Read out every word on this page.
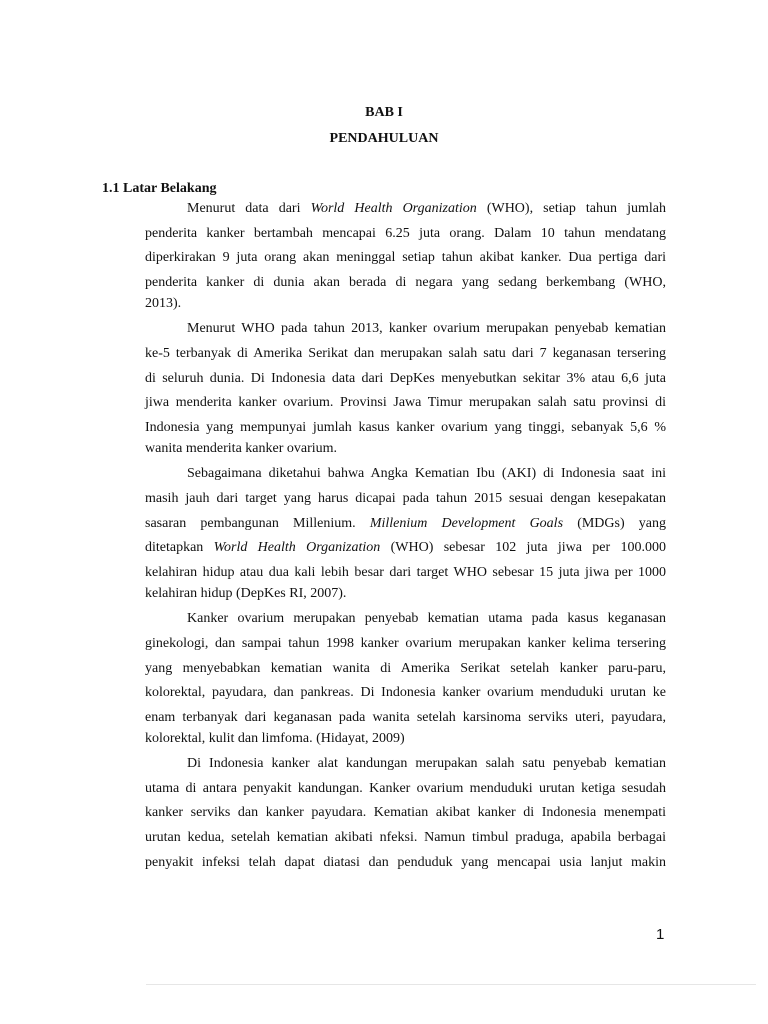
BAB I
PENDAHULUAN
1.1 Latar Belakang
Menurut data dari World Health Organization (WHO), setiap tahun jumlah
penderita kanker bertambah mencapai 6.25 juta orang. Dalam 10 tahun mendatang
diperkirakan 9 juta orang akan meninggal setiap tahun akibat kanker. Dua pertiga dari
penderita kanker di dunia akan berada di negara yang sedang berkembang (WHO,
2013).
Menurut WHO pada tahun 2013, kanker ovarium merupakan penyebab kematian
ke-5 terbanyak di Amerika Serikat dan merupakan salah satu dari 7 keganasan tersering
di seluruh dunia. Di Indonesia data dari DepKes menyebutkan sekitar 3% atau 6,6 juta
jiwa menderita kanker ovarium. Provinsi Jawa Timur merupakan salah satu provinsi di
Indonesia yang mempunyai jumlah kasus kanker ovarium yang tinggi, sebanyak 5,6 %
wanita menderita kanker ovarium.
Sebagaimana diketahui bahwa Angka Kematian Ibu (AKI) di Indonesia saat ini
masih jauh dari target yang harus dicapai pada tahun 2015 sesuai dengan kesepakatan
sasaran pembangunan Millenium. Millenium Development Goals (MDGs) yang
ditetapkan World Health Organization (WHO) sebesar 102 juta jiwa per 100.000
kelahiran hidup atau dua kali lebih besar dari target WHO sebesar 15 juta jiwa per 1000
kelahiran hidup (DepKes RI, 2007).
Kanker ovarium merupakan penyebab kematian utama pada kasus keganasan
ginekologi, dan sampai tahun 1998 kanker ovarium merupakan kanker kelima tersering
yang menyebabkan kematian wanita di Amerika Serikat setelah kanker paru-paru,
kolorektal, payudara, dan pankreas. Di Indonesia kanker ovarium menduduki urutan ke
enam terbanyak dari keganasan pada wanita setelah karsinoma serviks uteri, payudara,
kolorektal, kulit dan limfoma. (Hidayat, 2009)
Di Indonesia kanker alat kandungan merupakan salah satu penyebab kematian
utama di antara penyakit kandungan. Kanker ovarium menduduki urutan ketiga sesudah
kanker serviks dan kanker payudara. Kematian akibat kanker di Indonesia menempati
urutan kedua, setelah kematian akibati nfeksi. Namun timbul praduga, apabila berbagai
penyakit infeksi telah dapat diatasi dan penduduk yang mencapai usia lanjut makin
1
